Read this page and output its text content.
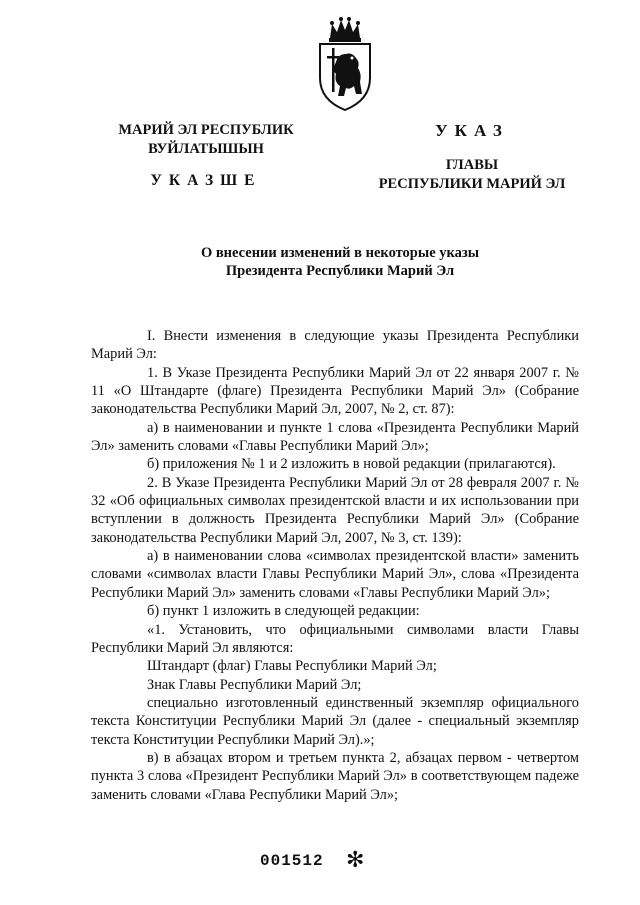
МАРИЙ ЭЛ РЕСПУБЛИК
ВУЙЛАТЫШЫН
УКАЗШЕ
УКАЗ
ГЛАВЫ
РЕСПУБЛИКИ МАРИЙ ЭЛ
О внесении изменений в некоторые указы
Президента Республики Марий Эл

I. Внести изменения в следующие указы Президента Республики Марий Эл:

1. В Указе Президента Республики Марий Эл от 22 января 2007 г. № 11 «О Штандарте (флаге) Президента Республики Марий Эл» (Собрание законодательства Республики Марий Эл, 2007, № 2, ст. 87):

а) в наименовании и пункте 1 слова «Президента Республики Марий Эл» заменить словами «Главы Республики Марий Эл»;

б) приложения № 1 и 2 изложить в новой редакции (прилагаются).

2. В Указе Президента Республики Марий Эл от 28 февраля 2007 г. № 32 «Об официальных символах президентской власти и их использовании при вступлении в должность Президента Республики Марий Эл» (Собрание законодательства Республики Марий Эл, 2007, № 3, ст. 139):

а) в наименовании слова «символах президентской власти» заменить словами «символах власти Главы Республики Марий Эл», слова «Президента Республики Марий Эл» заменить словами «Главы Республики Марий Эл»;

б) пункт 1 изложить в следующей редакции:

«1. Установить, что официальными символами власти Главы Республики Марий Эл являются:

Штандарт (флаг) Главы Республики Марий Эл;

Знак Главы Республики Марий Эл;

специально изготовленный единственный экземпляр официального текста Конституции Республики Марий Эл (далее - специальный экземпляр текста Конституции Республики Марий Эл).»;

в) в абзацах втором и третьем пункта 2, абзацах первом - четвертом пункта 3 слова «Президент Республики Марий Эл» в соответствующем падеже заменить словами «Глава Республики Марий Эл»;

001512 ✻
